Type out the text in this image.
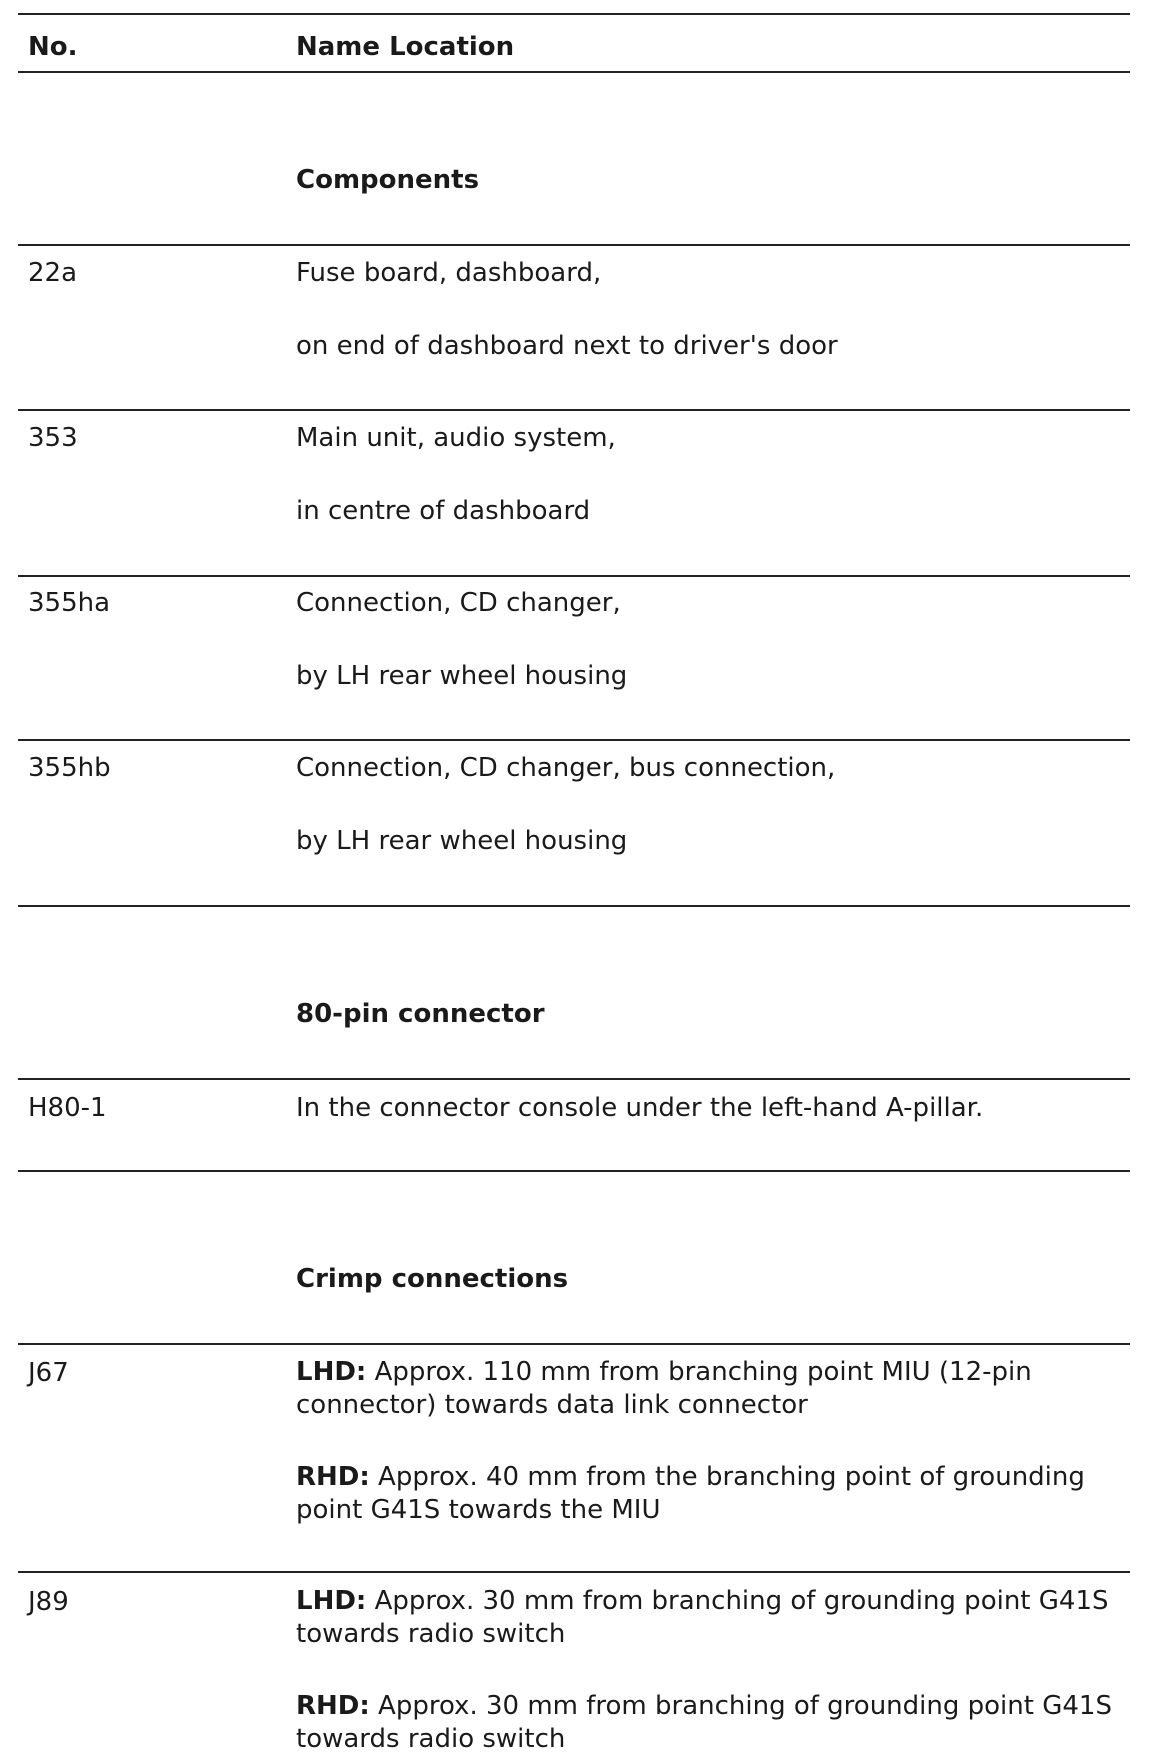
No.	Name Location
Components
22a	Fuse board, dashboard,
on end of dashboard next to driver's door
353	Main unit, audio system,
in centre of dashboard
355ha	Connection, CD changer,
by LH rear wheel housing
355hb	Connection, CD changer, bus connection,
by LH rear wheel housing
80-pin connector
H80-1	In the connector console under the left-hand A-pillar.
Crimp connections
J67	LHD: Approx. 110 mm from branching point MIU (12-pin connector) towards data link connector
RHD: Approx. 40 mm from the branching point of grounding point G41S towards the MIU
J89	LHD: Approx. 30 mm from branching of grounding point G41S towards radio switch
RHD: Approx. 30 mm from branching of grounding point G41S towards radio switch
